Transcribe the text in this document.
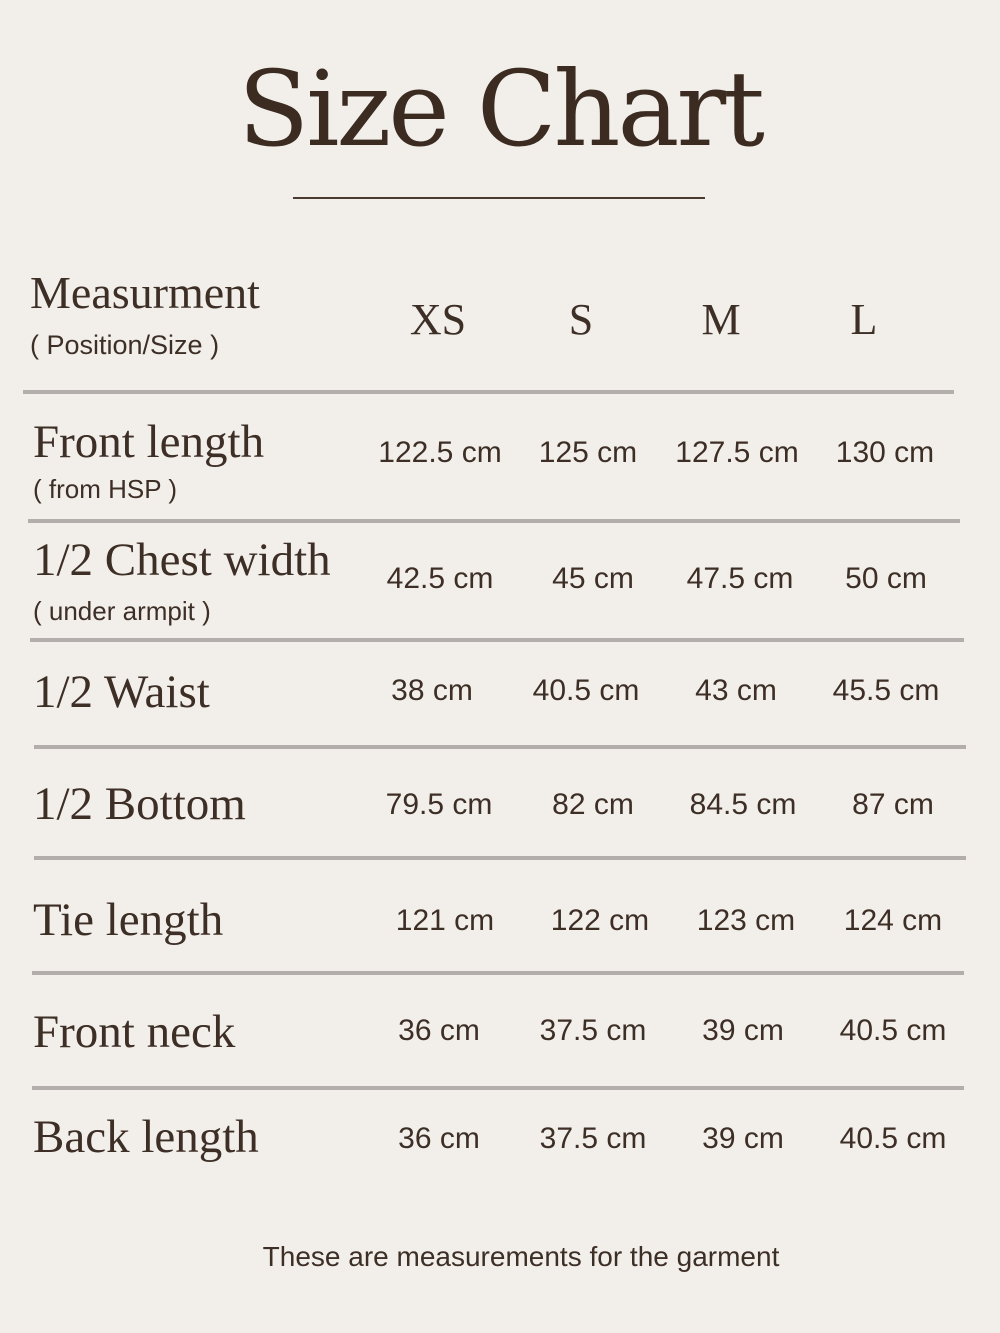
Size Chart
Measurment
( Position/Size )
XS	S	M	L
Front length
( from HSP )
122.5 cm	125 cm	127.5 cm	130 cm
1/2 Chest width
( under armpit )
42.5 cm	45 cm	47.5 cm	50 cm
1/2 Waist	38 cm	40.5 cm	43 cm	45.5 cm
1/2 Bottom	79.5 cm	82 cm	84.5 cm	87 cm
Tie length	121 cm	122 cm	123 cm	124 cm
Front neck	36 cm	37.5 cm	39 cm	40.5 cm
Back length	36 cm	37.5 cm	39 cm	40.5 cm
These are measurements for the garment
